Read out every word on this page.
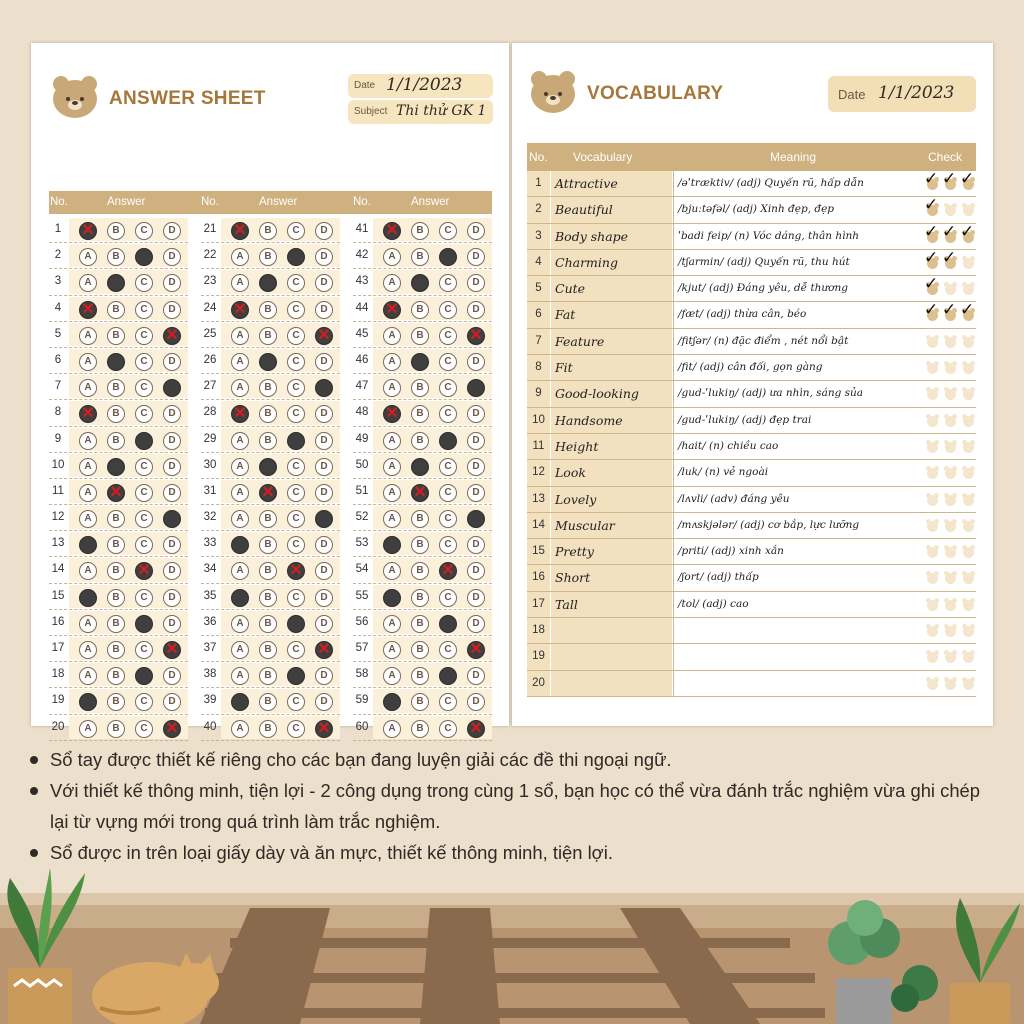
ANSWER SHEET
Date 1/1/2023
Subject Thi thử GK 1
No.	Answer	No.	Answer	No.	Answer
1	✕	B	C	D
2	A	B	C	D
3	A	B	C	D
4	✕	B	C	D
5	A	B	C	✕
6	A	B	C	D
7	A	B	C	D
8	✕	B	C	D
9	A	B	C	D
10	A	B	C	D
11	A	✕	C	D
12	A	B	C	D
13	A	B	C	D
14	A	B	✕	D
15	A	B	C	D
16	A	B	C	D
17	A	B	C	✕
18	A	B	C	D
19	A	B	C	D
20	A	B	C	✕
21 ✕	B	C	D
22	A	B	C	D
23	A	B	C	D
24 ✕	B	C	D
25	A	B	C	✕
26	A	B	C	D
27	A	B	C	D
28 ✕	B	C	D
29	A	B	C	D
30	A	B	C	D
31	A	✕	C	D
32	A	B	C	D
33	A	B	C	D
34	A	B	✕	D
35	A	B	C	D
36	A	B	C	D
37	A	B	C	✕
38	A	B	C	D
39	A	B	C	D
40	A	B	C	✕
41 ✕	B	C	D
42	A	B	C	D
43	A	B	C	D
44 ✕	B	C	D
45	A	B	C	✕
46	A	B	C	D
47	A	B	C	D
48 ✕	B	C	D
49	A	B	C	D
50	A	B	C	D
51	A	✕	C	D
52	A	B	C	D
53	A	B	C	D
54	A	B	✕	D
55	A	B	C	D
56	A	B	C	D
57	A	B	C	✕
58	A	B	C	D
59	A	B	C	D
60	A	B	C	✕
VOCABULARY	Date 1/1/2023
No. Vocabulary	Meaning	Check
1	Attractive	/əˈtræktiv/ (adj) Quyến rũ, hấp dẫn	✓ ✓ ✓
2	Beautiful	/bjuːtəfəl/ (adj) Xinh đẹp, đẹp	✓
3	Body shape	ˈbadi feip/ (n) Vóc dáng, thân hình	✓ ✓ ✓
4	Charming	/tʃarmin/ (adj) Quyến rũ, thu hút	✓ ✓
5	Cute	/kjut/ (adj) Đáng yêu, dễ thương	✓
6	Fat	/fæt/ (adj) thừa cân, béo	✓ ✓ ✓
7	Feature	/fitʃər/ (n) đặc điểm , nét nổi bật
8	Fit	/fit/ (adj) cân đối, gọn gàng
9	Good-looking	/gud-ˈlukiŋ/ (adj) ưa nhìn, sáng sủa
10 Handsome	/gud-ˈlukiŋ/ (adj) đẹp trai
11 Height	/hait/ (n) chiều cao
12 Look	/luk/ (n) vẻ ngoài
13 Lovely	/lʌvli/ (adv) đáng yêu
14 Muscular	/mʌskjələr/ (adj) cơ bắp, lực lưỡng
15 Pretty	/priti/ (adj) xinh xắn
16 Short	/ʃort/ (adj) thấp
17 Tall	/tol/ (adj) cao
18
19
20
Sổ tay được thiết kế riêng cho các bạn đang luyện giải các đề thi ngoại ngữ.
Với thiết kế thông minh, tiện lợi - 2 công dụng trong cùng 1 sổ, bạn học có thể vừa đánh trắc nghiệm vừa ghi chép lại từ vựng mới trong quá trình làm trắc nghiệm.
Sổ được in trên loại giấy dày và ăn mực, thiết kế thông minh, tiện lợi.
